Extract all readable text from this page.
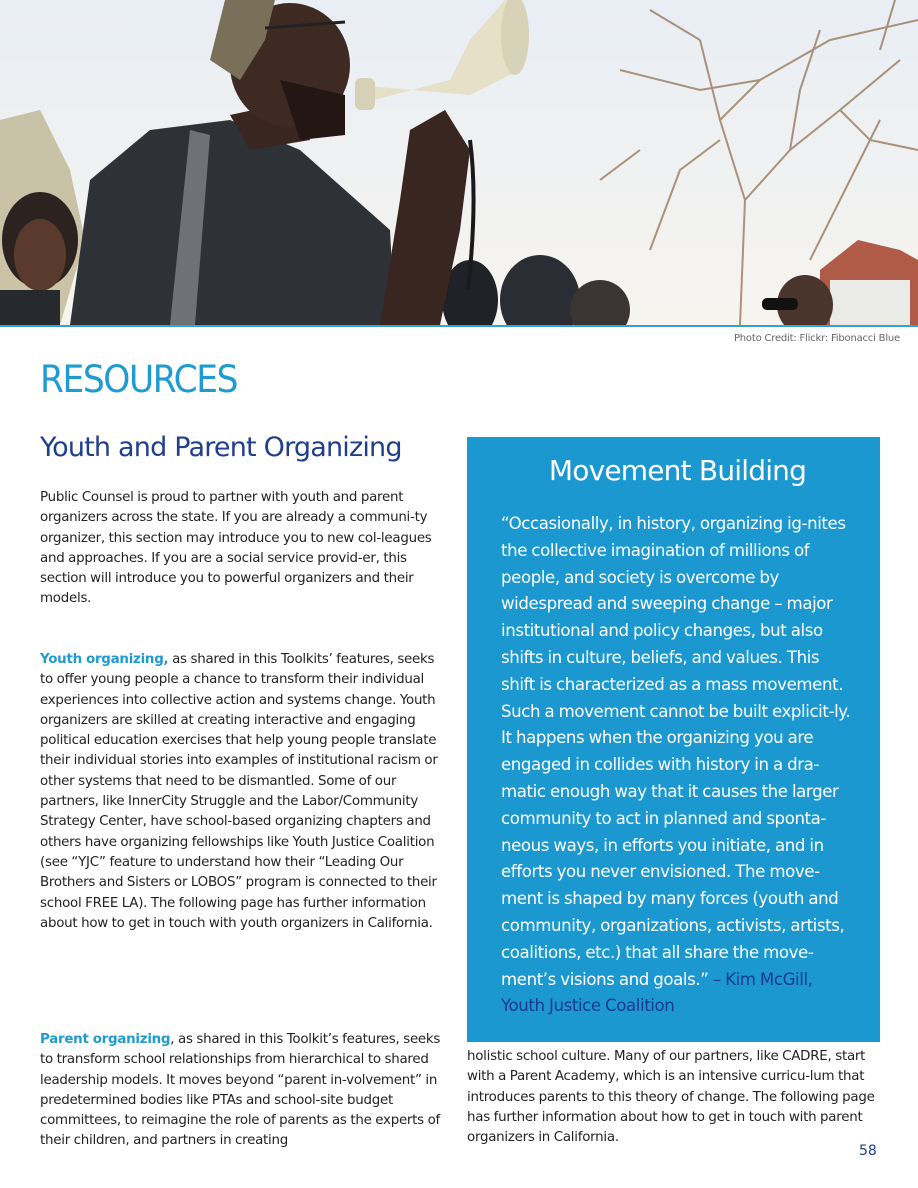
Photo Credit: Flickr: Fibonacci Blue
RESOURCES
Youth and Parent Organizing

Public Counsel is proud to partner with youth and parent organizers across the state. If you are already a communi-ty organizer, this section may introduce you to new col-leagues and approaches. If you are a social service provid-er, this section will introduce you to powerful organizers and their models.

Youth organizing, as shared in this Toolkits’ features, seeks to offer young people a chance to transform their individual experiences into collective action and systems change. Youth organizers are skilled at creating interactive and engaging political education exercises that help young people translate their individual stories into examples of institutional racism or other systems that need to be dismantled. Some of our partners, like InnerCity Struggle and the Labor/Community Strategy Center, have school-based organizing chapters and others have organizing fellowships like Youth Justice Coalition (see “YJC” feature to understand how their “Leading Our Brothers and Sisters or LOBOS” program is connected to their school FREE LA). The following page has further information about how to get in touch with youth organizers in California.

Parent organizing, as shared in this Toolkit’s features, seeks to transform school relationships from hierarchical to shared leadership models. It moves beyond “parent in-volvement” in predetermined bodies like PTAs and school-site budget committees, to reimagine the role of parents as the experts of their children, and partners in creating

Movement Building

“Occasionally, in history, organizing ig-nites the collective imagination of millions of people, and society is overcome by widespread and sweeping change – major institutional and policy changes, but also shifts in culture, beliefs, and values. This shift is characterized as a mass movement. Such a movement cannot be built explicit-ly. It happens when the organizing you are engaged in collides with history in a dra-matic enough way that it causes the larger community to act in planned and sponta-neous ways, in efforts you initiate, and in efforts you never envisioned. The move-ment is shaped by many forces (youth and community, organizations, activists, artists, coalitions, etc.) that all share the move-ment’s visions and goals.” – Kim McGill, Youth Justice Coalition

holistic school culture. Many of our partners, like CADRE, start with a Parent Academy, which is an intensive curricu-lum that introduces parents to this theory of change. The following page has further information about how to get in touch with parent organizers in California.

58
